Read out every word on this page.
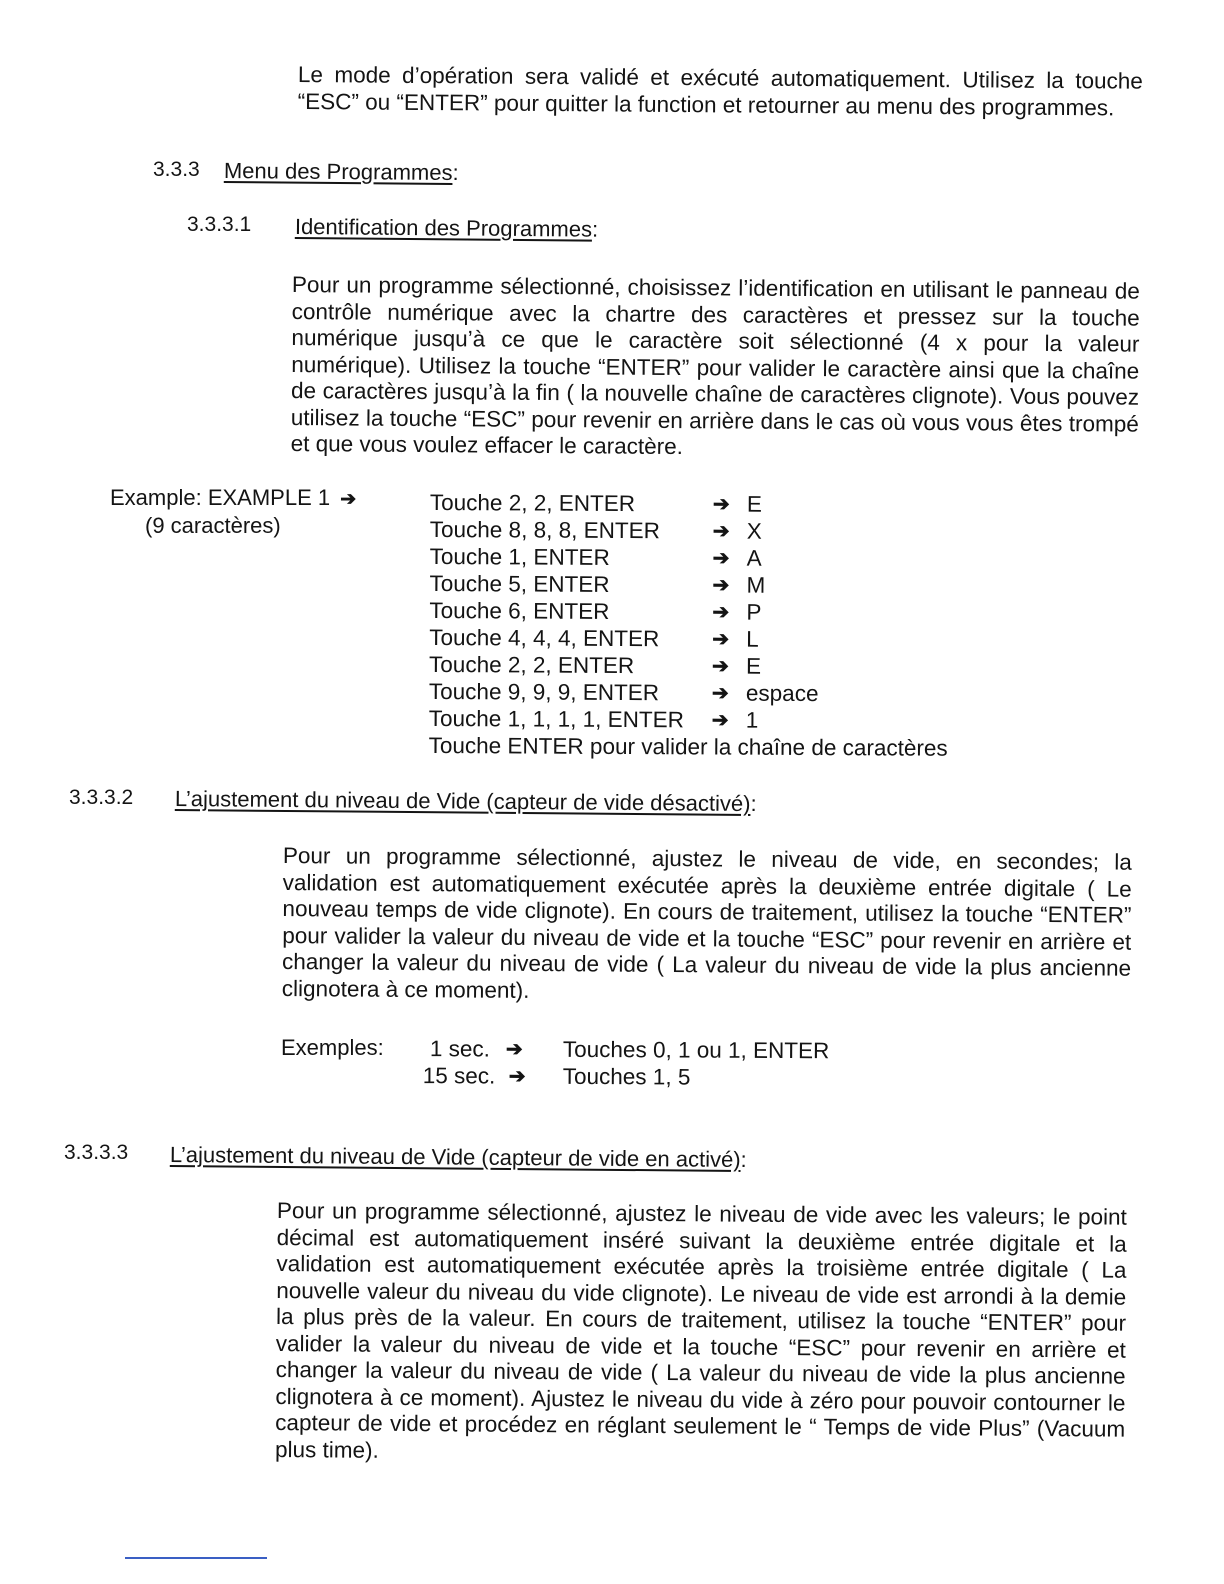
Le mode d’opération sera validé et exécuté automatiquement. Utilisez la touche “ESC” ou “ENTER” pour quitter la function et retourner au menu des programmes.
3.3.3 Menu des Programmes:
3.3.3.1 Identification des Programmes:
Pour un programme sélectionné, choisissez l’identification en utilisant le panneau de contrôle numérique avec la chartre des caractères et pressez sur la touche numérique jusqu’à ce que le caractère soit sélectionné (4 x pour la valeur numérique). Utilisez la touche “ENTER” pour valider le caractère ainsi que la chaîne de caractères jusqu’à la fin ( la nouvelle chaîne de caractères clignote). Vous pouvez utilisez la touche “ESC” pour revenir en arrière dans le cas où vous vous êtes trompé et que vous voulez effacer le caractère.
Example: EXAMPLE 1 ➔
(9 caractères)
Touche 2, 2, ENTER	➔ E
Touche 8, 8, 8, ENTER	➔ X
Touche 1, ENTER	➔ A
Touche 5, ENTER	➔ M
Touche 6, ENTER	➔ P
Touche 4, 4, 4, ENTER	➔ L
Touche 2, 2, ENTER	➔ E
Touche 9, 9, 9, ENTER	➔ espace
Touche 1, 1, 1, 1, ENTER ➔ 1
Touche ENTER pour valider la chaîne de caractères
3.3.3.2 L’ajustement du niveau de Vide (capteur de vide désactivé):
Pour un programme sélectionné, ajustez le niveau de vide, en secondes; la validation est automatiquement exécutée après la deuxième entrée digitale ( Le nouveau temps de vide clignote). En cours de traitement, utilisez la touche “ENTER” pour valider la valeur du niveau de vide et la touche “ESC” pour revenir en arrière et changer la valeur du niveau de vide ( La valeur du niveau de vide la plus ancienne clignotera à ce moment).
Exemples: 1 sec. ➔ Touches 0, 1 ou 1, ENTER
15 sec. ➔ Touches 1, 5
3.3.3.3 L’ajustement du niveau de Vide (capteur de vide en activé):
Pour un programme sélectionné, ajustez le niveau de vide avec les valeurs; le point décimal est automatiquement inséré suivant la deuxième entrée digitale et la validation est automatiquement exécutée après la troisième entrée digitale ( La nouvelle valeur du niveau du vide clignote). Le niveau de vide est arrondi à la demie la plus près de la valeur. En cours de traitement, utilisez la touche “ENTER” pour valider la valeur du niveau de vide et la touche “ESC” pour revenir en arrière et changer la valeur du niveau de vide ( La valeur du niveau de vide la plus ancienne clignotera à ce moment). Ajustez le niveau du vide à zéro pour pouvoir contourner le capteur de vide et procédez en réglant seulement le “ Temps de vide Plus” (Vacuum plus time).
